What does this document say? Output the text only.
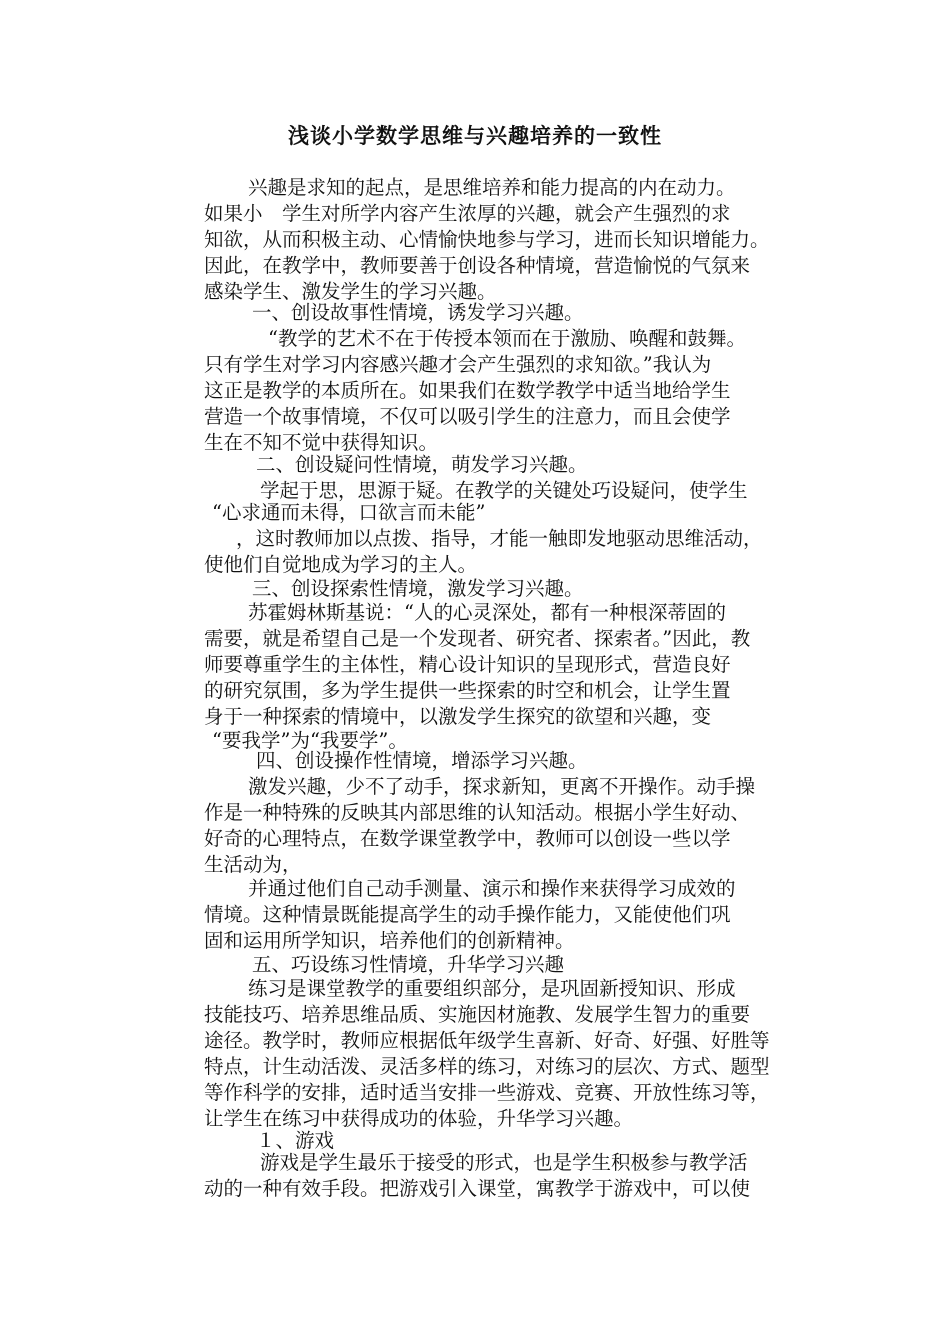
浅谈小学数学思维与兴趣培养的一致性
兴趣是求知的起点，是思维培养和能力提高的内在动力。
如果小　学生对所学内容产生浓厚的兴趣，就会产生强烈的求
知欲，从而积极主动、心情愉快地参与学习，进而长知识增能力。
因此，在教学中，教师要善于创设各种情境，营造愉悦的气氛来
感染学生、激发学生的学习兴趣。
一、创设故事性情境，诱发学习兴趣。
“教学的艺术不在于传授本领而在于激励、唤醒和鼓舞。
只有学生对学习内容感兴趣才会产生强烈的求知欲。”我认为
这正是教学的本质所在。如果我们在数学教学中适当地给学生
营造一个故事情境，不仅可以吸引学生的注意力，而且会使学
生在不知不觉中获得知识。
二、创设疑问性情境，萌发学习兴趣。
学起于思，思源于疑。在教学的关键处巧设疑问，使学生
“心求通而未得，口欲言而未能”
，这时教师加以点拨、指导，才能一触即发地驱动思维活动，
使他们自觉地成为学习的主人。
三、创设探索性情境，激发学习兴趣。
苏霍姆林斯基说：“人的心灵深处，都有一种根深蒂固的
需要，就是希望自己是一个发现者、研究者、探索者。”因此，教
师要尊重学生的主体性，精心设计知识的呈现形式，营造良好
的研究氛围，多为学生提供一些探索的时空和机会，让学生置
身于一种探索的情境中，以激发学生探究的欲望和兴趣，变
“要我学”为“我要学”。
四、创设操作性情境，增添学习兴趣。
激发兴趣，少不了动手，探求新知，更离不开操作。动手操
作是一种特殊的反映其内部思维的认知活动。根据小学生好动、
好奇的心理特点，在数学课堂教学中，教师可以创设一些以学
生活动为，
并通过他们自己动手测量、演示和操作来获得学习成效的
情境。这种情景既能提高学生的动手操作能力，又能使他们巩
固和运用所学知识，培养他们的创新精神。
五、巧设练习性情境，升华学习兴趣
练习是课堂教学的重要组织部分，是巩固新授知识、形成
技能技巧、培养思维品质、实施因材施教、发展学生智力的重要
途径。教学时，教师应根据低年级学生喜新、好奇、好强、好胜等
特点，计生动活泼、灵活多样的练习，对练习的层次、方式、题型
等作科学的安排，适时适当安排一些游戏、竞赛、开放性练习等，
让学生在练习中获得成功的体验，升华学习兴趣。
１、游戏
游戏是学生最乐于接受的形式，也是学生积极参与教学活
动的一种有效手段。把游戏引入课堂，寓教学于游戏中，可以使
